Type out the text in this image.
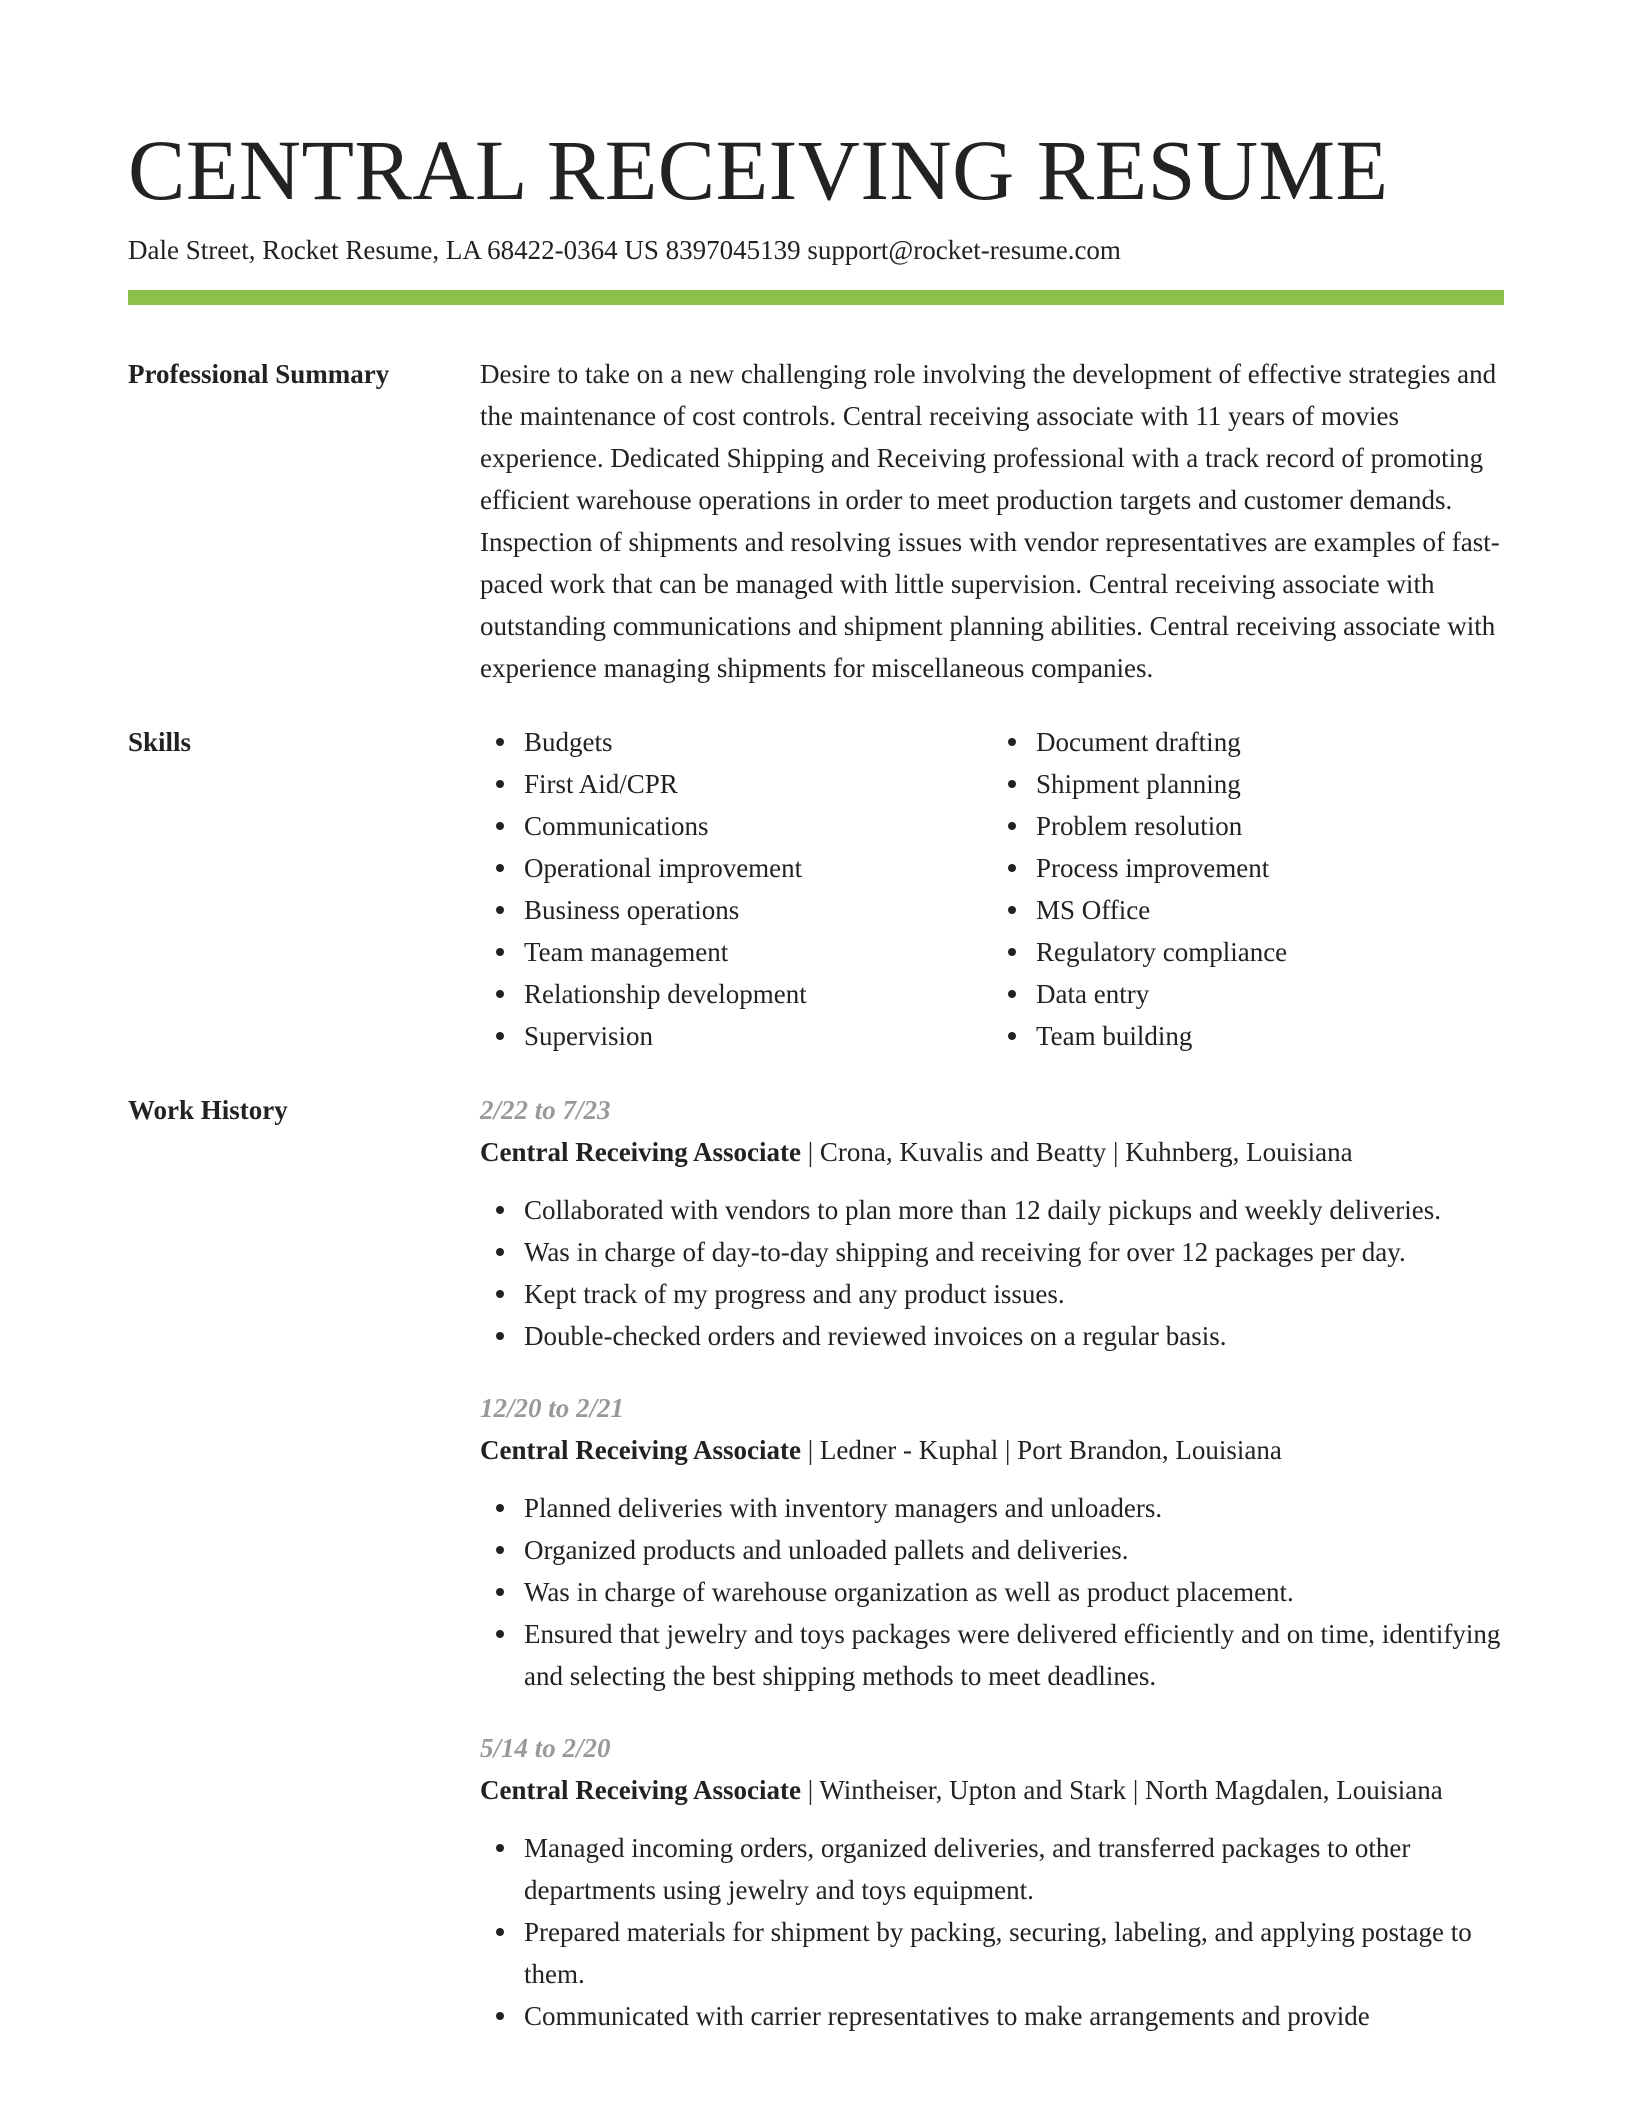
CENTRAL RECEIVING RESUME
Dale Street, Rocket Resume, LA 68422-0364 US 8397045139 support@rocket-resume.com
Professional Summary	Desire to take on a new challenging role involving the development of effective strategies and the maintenance of cost controls. Central receiving associate with 11 years of movies experience. Dedicated Shipping and Receiving professional with a track record of promoting efficient warehouse operations in order to meet production targets and customer demands. Inspection of shipments and resolving issues with vendor representatives are examples of fast-paced work that can be managed with little supervision. Central receiving associate with outstanding communications and shipment planning abilities. Central receiving associate with experience managing shipments for miscellaneous companies.

Skills	Budgets
First Aid/CPR
Communications
Operational improvement
Business operations
Team management
Relationship development
Supervision
Document drafting
Shipment planning
Problem resolution
Process improvement
MS Office
Regulatory compliance
Data entry
Team building
Work History	2/22 to 7/23
Central Receiving Associate | Crona, Kuvalis and Beatty | Kuhnberg, Louisiana
Collaborated with vendors to plan more than 12 daily pickups and weekly deliveries.
Was in charge of day-to-day shipping and receiving for over 12 packages per day.
Kept track of my progress and any product issues.
Double-checked orders and reviewed invoices on a regular basis.
12/20 to 2/21
Central Receiving Associate | Ledner - Kuphal | Port Brandon, Louisiana
Planned deliveries with inventory managers and unloaders.
Organized products and unloaded pallets and deliveries.
Was in charge of warehouse organization as well as product placement.
Ensured that jewelry and toys packages were delivered efficiently and on time, identifying and selecting the best shipping methods to meet deadlines.
5/14 to 2/20
Central Receiving Associate | Wintheiser, Upton and Stark | North Magdalen, Louisiana
Managed incoming orders, organized deliveries, and transferred packages to other departments using jewelry and toys equipment.
Prepared materials for shipment by packing, securing, labeling, and applying postage to them.
Communicated with carrier representatives to make arrangements and provide
